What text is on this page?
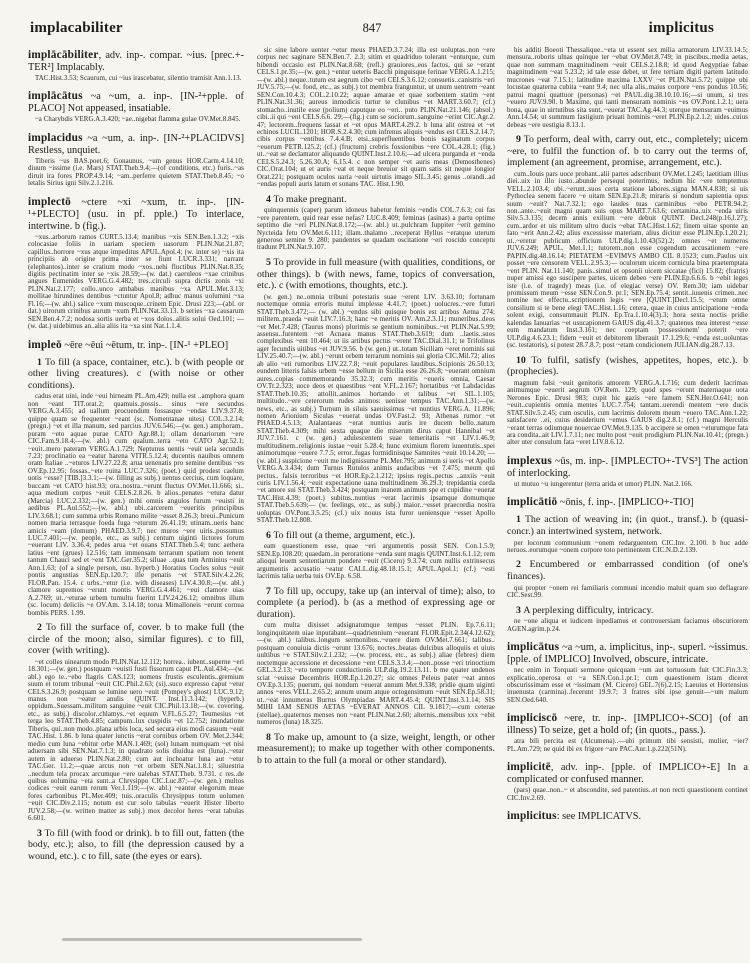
implacabiliter	847	implicitus

implācābiliter, adv. inp-. compar. ~ius. [prec.+-TER²] Implacably.

TAC.Hist.3.53; Scaurum, cui ~ius irascebatur, silentio tramisit Ann.1.13.

implācātus ~a ~um, a. inp-. [IN-²+pple. of PLACO] Not appeased, insatiable.

~a Charybdis VERG.A.3.420; ~ae..nigebat flamma gulae OV.Met.8.845.

implacidus ~a ~um, a. inp-. [IN-²+PLACIDVS] Restless, unquiet.

Tiberis ~us BAS.poet.6; Gonaunus, ~um genus HOR.Carm.4.14.10; diuum ~issime (i.e. Mars) STAT.Theb.9.4;—(of conditions, etc.) furis..~as diruit ira fores PROP.4.9.14; ~am..perferre quietem STAT.Theb.8.45; ~o letalis Sirius igni Silv.2.1.216.

implectō ~ctere ~xi ~xum, tr. inp-. [IN-¹+PLECTO] (usu. in pf. pple.) To interlace, intertwine. b (fig.).

~xus..arborum ramos CURT.5.13.4; manibus ~xis SEN.Ben.1.3.2; ~xis colocasiae foliis in uariam speciem uasorum PLIN.Nat.21.87; capillus..horrore ~xus atque impeditus APUL.Apol.4; (w. inter se) ~xis ita principiis ab origine prima inter se fiunt LUCR.3.331; narrant (elephantos)..inter se cratium modo ~xos..uehi fluctibus PLIN.Nat.8.35; digitis pectinatim inter se ~xis 28.59;—(w. dat.) caeruleos ~xae crinibus angues Eumenides VERG.G.4.482; tres..circuli supra dictis zonis ~xi PLIN.Nat.2.177; collo..unco ambabus manibus ~xa APUL.Met.3.13; mollitae hirundines dentibus ~ctuntur Apol.8; adhuc manus uolumini ~xa Fl.16;—(w. abl.) salice ~xum muscoque..crinem Epic. Drusi 223;—(abl. or dat.) uirorum crinibus aurum ~xum PLIN.Nat.33.13. b series ~xa causarum SEN.Ben.4.7.2; nodosa sortis uerba et ~xos dolos..alitis solui Oed.101; —(w. dat.) uidebimus an..alia aliis ita ~xa sint Nat.1.1.4.

impleō ~ēre ~ēui ~ētum, tr. inp-. [IN-¹ +PLEO]

1 To fill (a space, container, etc.). b (with people or other living creatures). c (with noise or other conditions).

cadus erat uini, inde ~eui hirneam PL.Am.429; nulla est ..amphora quam non ~eant TIT.orat.2; quamuis..possis.. sinus ~ere secundos VERG.A.3.455; ad uallum procuendum fossasque ~endas LIV.9.37.8; quippe quam se frequenter ~eant (sc. Nomentanae uites) COL.3.2.14; (pregn.) ~et et illa manum, sed parcius JUV.6.546;—(w. gen.) amphoram.. puram ~eto aquae purae CATO Agr.88.1; ollam denariorum ~ere CIC.Fam.9.18.4;—(w. abl.) cum qualum..terra ~eto CATO Agr.52.1; ~euit..mero pateram VERG.A.1.729; Neptunus uentis ~euit uela secundis 7.23; proclinatio ea ~eatur harena VITR.5.12.4; ducentis nauibus omnem oram Italiae ..~eturos LIV.27.22.8; arua uenenatis pro semine dentibus ~es OV.Ep.12.95; fossas..~ete ruina LUC.7.326; (poet.) quid prodest caelum uotis ~esse? [TIB.]3.3.1;—(w. filling as subj.) uentus cercius, cum loquare, buccam ~et CATO hist.93; ora..nostra..~erunt fluctus OV.Met.11.666; si.. aqua medium corpus ~euit CELS.2.8.26. b alios..penates ~etura datur (Marcia) LUC.2.332;—(w. gen.) mihi omnis angulos furum ~euisti in aedibus PL.Aul.552;—(w. abl.) ubi..carcerem ~eueritis principibus LIV.3.68.1; cum summa urbis Romano milite ~esset 8.26.3; breui..Punicum nomen maria terrasque foeda fuga ~eturum 26.41.19; utinam..ueris hanc amicis ~eam (domum) PHAED.3.9.7; nec muros ~ere uiris..possumus LUC.7.401;—(w. people, etc., as subj.) centum uiginti lictores forum ~euerant LIV. 3.36.4; pedes arua ~et ouans STAT.Theb.5.4; tunc aethera latius ~ent (grues) 12.516; tam immensam terrarum spatium non tenent tantum Chauci sed et ~ent TAC.Ger.35.2; siluae ..quas tum Arminius ~euit Ann.1.63; (of a single person, usu. hyperb.) Horatius Cocles solus ~euit pontis angustias SEN.Ep.120.7; ille penatis ~et STAT.Silv.4.2.26; FLOR.Pan. 15.4. c urbs..~etur (i.e. with diseases) LIV.4.30.8;—(w. abl.) clamore supremos ~erunt montis VERG.G.4.461; ~eui clamore uias A.2.769; ut..~eturae urbem tumultu fuerint LIV.24.26.12; omnibus illum (sc. locum) deliciis ~e OV.Am. 3.14.18; torua Mimalloneis ~erunt cornua bombis PERS. 1.99.

2 To fill the surface of, cover. b to make full (the circle of the moon; also, similar figures). c to fill, cover (with writing).

~et colles uinearum modo PLIN.Nat.12.112; horrea.. iubent..superne ~eri 18.301;—(w. gen.) postquam ~euisti fusti fissorum caput PL.Aul.434;—(w. abl.) ego te..~ebo flagris CAS.123; uomens frustis esculentis..gremium suum et totum tribunal ~euit CIC.Phil.2.63; (si)..suco expresso caput ~etur CELS.3.26.9; postquam se lumine uero ~euit (Pompey's ghost) LUC.9.12; manus non ~eatur anulis QUINT. Inst.11.3.142; (hyperb.) oppidum..Suessam..militum sanguine ~euit CIC.Phil.13.18;—(w. covering, etc., as subj.) discolor..chlamys..~et equum V.FL.6.5.27; Teumesius ~et terga leo STAT.Theb.4.85; campum..lux cuspidis ~et 12.752; inundatione Tiberis, qui..non modo..plana urbis loca, sed secura eius modi casuum ~euit TAC.Hist. 1.86. b luna quater iunctis ~erat cornibus orbem OV. Met.2.344; medio cum luna ~ebitur orbe MAN.1.469; (sol) lunam numquam ~et nisi aduersam sibi SEN.Nat.7.1.3; in quadrato solis diuidua est (luna)..~etur autem in aduerso PLIN.Nat.2.80; cum aut inchoatur luna aut ~etur TAC.Ger. 11.2;—quae arcus non ~et orbem SEN.Nat.1.8.1; siluestria ..necdum tela procax arcumque ~ere ualebas STAT.Theb. 9.731. c res..de quibus uolumina ~eta sunt..a Chrysippo CIC.Luc.87;—(w. gen.) multos codices ~euit earum rerum Ver.1.119;—(w. abl.) ~eantur elegorum meae fores carbonibus PL.Mer.409; tuis..oraculis Chrysippus totum uolumen ~euit CIC.Div.2.115; notum est cur solo tabulas ~euerit Hister liberto JUV.2.58;—(w. written matter as subj.) mox decolor heres ~erat tabulas 6.601.

3 To fill (with food or drink). b to fill out, fatten (the body, etc.); also, to fill (the depression caused by a wound, etc.). c to fill, sate (the eyes or ears).

sic sine labore uenter ~etur meus PHAED.3.7.24; illa est uoluptas..non ~ere corpus nec saginare SEN.Ben.7. 2.3; sitim et quadriduo tolerant ~enturque, cum bibendi occasio est PLIN.Nat.8.68; (refl.) grauiores..eos factos, qui se ~erant CELS.1.pr.35;—(w. gen.) ~entur ueteris Bacchi pinguisque ferinae VERG.A.1.215;—(w. abl.) neque..tutum est aegrum cibo ~eri CELS.3.6.12; consuetis..canistris ~eri JUV.5.75;—(w. food, etc., as subj.) tot membra franguntur, ut unum uentrem ~eant SEN.Con.10.4.3; COL.2.10.22; aquae amarae et quae sorbentem statim ~ent PLIN.Nat.31.36; aureus inmodicis turtur te clunibus ~et MART.3.60.7; (cf.) stomacho..inutile esse (polium) caputque eo ~eri.. puto PLIN.Nat.21.146; (absol.) cibi..ii qui ~ent CELS.6.6. 29;—(fig.) cum se sociorum..sanguine ~erint CIC.Agr.2. 47; lectorem..frequens lassat et ~et opus MART.4.29.2. b luna alit ostrea et ~et echinos LUCIL.1201; HOR.S.2.4.30; cum infrenus aliquis ~endus est CELS.2.14.7; cibis corpus ~entibus 7.4.4.B; etsi..superfluentibus bonis saginatum corpus ~euerum PETR.125.2; (cf.) (fructum) crebris fossionibus ~ere COL.4.28.1; (fig.) ut..~eat se declamator aliquando QUINT.Inst.2.10.6;—ad ulcera purganda et ~enda CELS.5.24.3; 5.26.30.A; 6.15.4. c non semper ~et auris meas (Demosthenes) CIC.Orat.104; ut et auris ~eat et neque breuior sit quam satis sit neque longior Orat.221; postquam oculos uaria ~euit uirtutis imago SIL.3.45; genus ..orandi..ad ~endas populi auris latum et sonans TAC. Hist.1.90.

4 To make pregnant.

quinquennis (caper) parum idoneus habetur feminis ~endis COL.7.6.3; cui fas ~ere parentem, quid rear esse nefas? LUC.8.409; feminas (asinas) a partu optime septimo die ~eri PLIN.Nat.8.172;—(w. abl.) ut..pulchram Iuppiter ~erit gemino Nycteida fetu OV.Met.6.111; illam..thalamo ..receperat Hyllus ~eratque uterum generoso semine 9. 280; pandentes se quadam oscitatione ~eri roscido conceptu tradunt PLIN.Nat.9.107.

5 To provide in full measure (with qualities, conditions, or other things). b (with news, fame, topics of conversation, etc.). c (with emotions, thoughts, etc.).

(w. gen.) ne..omnia tribuni potestatis suae ~erent LIV. 3.63.10; fortunam noctemque omnia erroris mutui implesse 4.41.7; (poet.) uolucres..~ere futuri STAT.Theb.3.472;— (w. abl.) ~endus sibi quisque bonis est artibus Aetna 274; militem..praeda ~euit LIV.7.16.3; hanc ~e meritis OV. Am.2.3.11; muneribus..deos ~et Met.7.428; (Taurus mons) plurimis se gentium nominibus..~et PLIN.Nat.5.99; assensu..furentem ~et Acnaea manus STAT.Theb.3.619; dum ..laetis..suos complexibus ~ent 10.464; ut iis artibus pectus ~erent TAC.Dial.31.1; te Trifolinus ager fecundis uitibus ~et JUV.9.56. b (w. gen.) ut..totam Siciliam ~eret nominis sui LIV.25.40.7;—(w. abl.) ~erunt orbem terrarum nominis sui gloria CIC.Mil.72; alios ab alio ~eti rumoribus LIV.22.7.8; ~euit populares laudibus..Scipionis 26.50.13; eundem litteris falsis urbem ~esse bellum in Sicilia esse 26.26.8; ~euerant omnium aures..copias commemorando 35.32.3; cum meritis ~eueris omnia, Caesar OV.Tr.2.323; uoce deos et quaestibus ~ent V.FL.2.167; hortatibus ~et Labdacidas STAT.Theb.10.35; attollit..animos hortando et talibus ~et SIL.1.105; multitudo..~ere ceterorum rudes animos: uenisse tempus TAC.Ann.1.31;—(w. news, etc., as subj.) Turnum in siluis saeuissimus ~et nuntius VERG.A. 11.896; nomen Arionium Siculas ~euerat undas OV.Fast.2. 93; Athenas rumor ~et PHAED.4.5.13; Atalantaeas ~erat nuntius auris ire ducem bello..natum STAT.Theb.4.309; mihi sexta quaque die miserum dirus caput Hannibal ~et JUV.7.161. c (w. gen.) adulescentem suae temeritatis ~et LIV.1.46.9; multitudinem..religionis iustae ~euit 5.28.4; hunc eximium florem iuuentutis..spei animorumque ~euere 7.7.5; error..fugas formidinisque Samnites ~euit 10.14.20; —(w. abl.) suspicione ~euit me indignissume PL.Mer.795; animum si ueris ~et Apollo VERG.A.3.434; dum Turnus Rutulos animis audacibus ~et 7.475; meum qui pectus.. falsis terroribus ~et HOR.Ep.2.1.212; ipsius regis..pectus ..anxiis ~euit curis LIV.1.56.4; ~euit expectatione uana multitudinem 36.29.3; trepidantia corda ~et amore sui STAT.Theb.3.424; postquam inanem animum spe et cupidine ~euerat TAC.Hist.4.39; (poet.) subitus..nuntius ~erat lacrimis ipsamque domumque STAT.Theb.5.639;— (w. feelings, etc., as subj.) maior..~esset praecordia nostra uoluptas OV.Pont.3.5.25; (cf.) uix nouus ista furor ueniensque ~esset Apollo STAT.Theb.12.808.

6 To fill out (a theme, argument, etc.).

eam quaestionem esse, quae ~eri argumentis possit SEN. Con.1.5.9; SEN.Ep.108.20; quaedam..in peroratione ~enda sunt magis QUINT.Inst.6.1.12; rem alioqui leuem sententiarum pondere ~euit (Cicero) 9.3.74; cum nullis extrinsecus argumentis accusatio ~eatur CALL.dig.48.18.15.1; APUL.Apol.1; (cf.) ~esti lacrimis talia uerba tuis OV.Ep. 6.58.

7 To fill up, occupy, take up (an interval of time); also, to complete (a period). b (as a method of expressing age or duration).

cum multa dixisset adsignatumque tempus ~esset PLIN. Ep.7.6.11; longinquitatem uiae inputabant—quadriennium ~euerant FLOR.Epit.2.34(4.12.62);—(w. abl.) talibus..longum sermonibus..~euere diem OV.Met.7.661; talibus.. postquam conuiuia dictis ~erunt 13.676; noctes..beatas dulcibus alloquiis et uiuis uultibus ~e STAT.Silv.2.1.232; —(w. process, etc., as subj.) aliae (febres) diem noctemque accessione et decessione ~ent CELS.3.3.4;—non..posse ~eri trinoctium GEL.3.2.13; ~eto tempore conductionis ULP.dig.19.2.13.11. b me quater undenos sciat ~euisse Decembris HOR.Ep.1.20.27; sic omnes Peleus pater ~eat annos OV.Ep.3.135; puerum, qui nondum ~euerat annum Met.9.338; pridie quam uiginti annos ~eres VELL.2.65.2; annum unum atque octogensimum ~euit SEN.Ep.58.31; ut..~eat innumeras Burrus Olympiadas MART.4.45.4; QUINT.Inst.3.1.14; SIS MIHI IAM SENOS AETAS ~EVERAT ANNOS CIL 9.1817;—cum ceterae (stellae)..quaternos menses non ~eant PLIN.Nat.2.60; alternis..mensibus xxx ~ebit numeros (luna) 18.325.

8 To make up, amount to (a size, weight, length, or other measurement); to make up together with other components. b to attain to the full (a moral or other standard).

his additi Boeoti Thessalique..~eta ut essent sex milia armatorum LIV.33.14.5; mensura..roboris ulnas quinque ter ~ebat OV.Met.8.749; in piscibus..media aetas, quae non summam magnitudinem ~euit CELS.2.18.8; id quod Aegyptiae fabae magnitudinem ~eat 5.23.2; id tale esse debet, ut fere tertiam digiti partem latitudo mucrones ~eat 7.15.1; latitudine maxima LXXV ~et PLIN.Nat.5.72; quippe ubi locustae quaterna cubita ~eant 9.4; nec ulla alis..maius corpore ~ens pondus 10.56; patrui magni quattuor (personas) ~et PAUL.dig.38.10.10.16;—si unum, si tres ~euero JUV.9.90. b Maxime, qui tanti mensuram nominis ~es OV.Pont.1.2.1; uera bona, quae in uirtutibus sita sunt, ~euerat TAC.Ag.44.3; uterque mensuram ~euimus Ann.14.54; ut summum fastigium priuati hominis ~eret PLIN.Ep.2.1.2; uides..cuius debeas ~ere uestigia 8.13.1.

9 To perform, deal with, carry out, etc., completely; uicem ~ere, to fulfil the function of. b to carry out the terms of, implement (an agreement, promise, arrangement, etc.).

cum..Iouis pars uoce probant..alii partes adscribunt OV.Met.1.245; laetitiam illius diei..uix in illo iusto..abunde persequi poterimus, nedum hic ~ere temptemus VELL.2.103.4; ubi..~erunt..suos certa statione labores..signa MAN.4.838; si uis Pythoclea senem facere ~e uitam SEN.Ep.21.8; miraris si nondum sapientia opus suum ~euit? Nat.7.32.1; ego laudes tuas carminibus ~ebo PETR.94.2; non..ante..~euit magni quam suis opus MART.7.63.6; certamina..uix ~enda uiris Silv.5.3.135; decem annis exilium ~ere debuit QUINT. Decl.248(p.16,l.27); cum..ardor et uis militum ultro ducis ~ebat TAC.Hist.1.62; finem uitae sponte an fato ~erit Ann.2.42; alius excessisse materiam, alius dicitur esse PLIN.Ep.1.20.21; ut..~eretur publicum officium ULP.dig.1.10.43(52).2; omnes ~et numeros JUV.6.249; APUL. Met.1.1; tutorem..non esse cogendum accusationem ~ere PAPIN.dig.48.16.14; PIETATEM ~EVIMVS AMBO CIL 8.1523; cum..Paulus uix posset ~ere censorem VELL.2.95.3;— oculorum uicem cornicula bina praetemptata ~ent PLIN. Nat.11.140; panis..simul et opsonii uicem siccatae (fici) 15.82; (fratris) nuper amissi ego suscipere partes, uicem debeo ~ere PLIN.Ep.6.6.6. b ~ebit leges iste (i.e. of tragedy) meas (i.e. of elegiac verse) OV. Rem.30; iam uidebar promissum meum ~esse SEN.Con.9. pr.1; SEN.Ep.75.4; sentit..iuuenis crimen..nec nomine nec effectu..scriptionem legis ~ere [QUINT.]Decl.15.5; ~etum omne consilium si te bene elegi TAC.Hist.1.16; cetera, quae in cuius anticipatione ~enda solent exigi, consummauit PLIN. Ep.Tra.1.10.4(3).3; hora sexta noctis pridie kalendas Ianuarias ~et usucapionem GAIUS dig.41.3.7; quatenus mea interest ~esse eum mandatum Inst.3.161; nec coeptam 'possessionem' poterit ~ere ULP.dig.4.6.23.1; fidem ~euit et debitorem liberauit 17.1.29.6; ~enda est..uoluntas (sc. testatoris), si potest 28.7.8.7; post ~etam condicionem JULIAN.dig.28.7.13.

10 To fulfil, satisfy (wishes, appetites, hopes, etc.). b (prophecies).

magnum falsi ~euit genitoris amorem VERG.A.1.716; cum dederit lacrimas animumque ~euerit aegrum OV.Rem. 129; quod spes ~erunt maternaque uota Nerones Epic. Drusi 983; cupit hic gazis ~ere famem SEN.Her.O.641; non ~euit..cupientis omnia mentes LUC.7.754; tantam..uerendi mentem ~ere ducis STAT.Silv.5.2.45; cum osculis, cum lacrimis dolorem meum ~euero TAC.Ann.1.22; satisfacere ..ei, cuius desiderium ~emus GAIUS dig.2.8.1; (cf.) magni Herculis ~erant terras odiumque nouercae OV.Met.9.135. b accipere se omen ~eturumque fata ara condita..ait LIV.1.7.11; nec multo post ~euit prodigium PLIN.Nat.10.41; (pregn.) alter uter consulum fata ~eret LIV.8.6.12.

implexus ~ūs, m. inp-. [IMPLECTO+-TVS³] The action of interlocking.

ut mutuo ~u iungerentur (terra arida et umor) PLIN. Nat.2.166.

implicātiō ~ōnis, f. inp-. [IMPLICO+-TIO]

1 The action of weaving in; (in quot., transf.). b (quasi-concr.) an intertwined system, network.

per locorum communium ~onem redarguentem CIC.Inv. 2.100. b huc adde neruos..eorumque ~onem corpore toto pertinentem CIC.N.D.2.139.

2 Encumbered or embarrassed condition (of one's finances).

qui propter ~onem rei familiaris communi incendio maluit quam suo deflagrare CIC.Sest.99.

3 A perplexing difficulty, intricacy.

ne ~one aliqua et iudicem inpediamus et controuersiam faciamus obscuriorem AGEN.agrim.p.24.

implicātus ~a ~um, a. implicitus, inp-. superl. ~issimus. [pple. of IMPLICO] Involved, obscure, intricate.

nec enim in Torquati sermone quicquam ~um aut tortuosum fuit CIC.Fin.3.3; explicatio..operosa et ~a SEN.Con.1.pr.1; cum quaestionem istam diceret obscurissimam esse et ~issimam (M. Cicero) GEL.7(6).2.15; Laeuius et Hortensius inuenusta (carmina)..fecerunt 19.9.7; 3 fratres sibi ipse genuit—~um malum SEN.Oed.640.

impliciscō ~ere, tr. inp-. [IMPLICO+-SCO] (of an illness) To seize, get a hold of; (in quots., pass.).

atra bili percita est (Alcumena)..—ubi primum tibi sensisti, mulier, ~ier? PL.Am.729; ne quid ibi ex frigore ~are PAC.Aur.1.p.222(51N).

implicitē, adv. inp-. [pple. of IMPLICO+-E] In a complicated or confused manner.

(pars) quae..non..~ et abscondite, sed patentius..et non recti quaestionem continet CIC.Inv.2.69.

implicitus: see IMPLICATVS.
